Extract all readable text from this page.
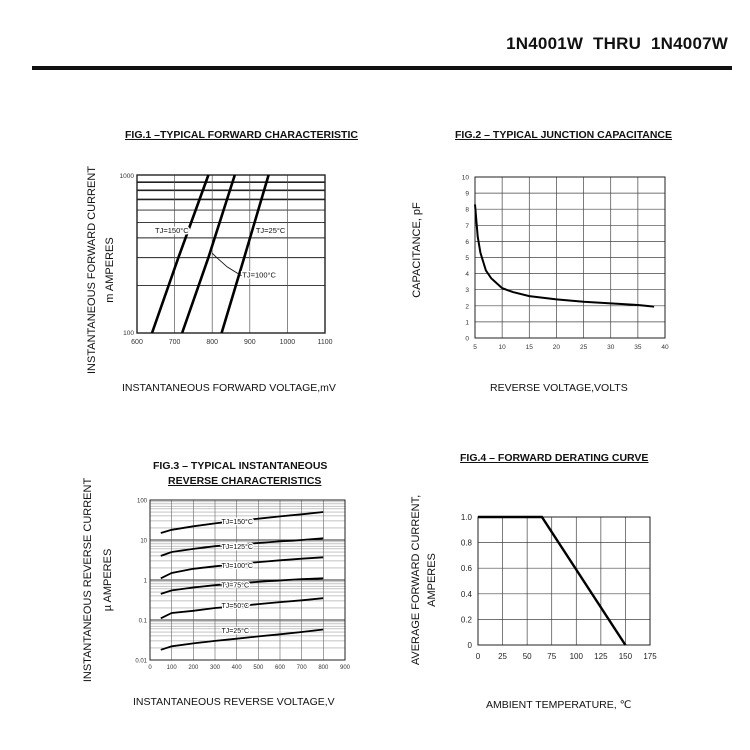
1N4001W THRU 1N4007W
FIG.1 –TYPICAL FORWARD CHARACTERISTIC
INSTANTANEOUS FORWARD CURRENT m AMPERES
INSTANTANEOUS FORWARD VOLTAGE,mV
600	700	800	900	1000	1100
1000
100
TJ=150°C	TJ=25°C
TJ=100°C
FIG.2 – TYPICAL JUNCTION CAPACITANCE
CAPACITANCE, pF
REVERSE VOLTAGE,VOLTS
0
1
2
3
4
5
6
7
8
9
10
5	10	15	20	25	30	35	40
FIG.3 – TYPICAL INSTANTANEOUS
REVERSE CHARACTERISTICS
INSTANTANEOUS REVERSE CURRENT µ AMPERES
INSTANTANEOUS REVERSE VOLTAGE,V
0.01
0.1
1
10
100
0 100 200 300 400 500 600 700 800 900
TJ=150°C
TJ=125°C
TJ=100°C
TJ=75°C
TJ=50°C
TJ=25°C
FIG.4 – FORWARD DERATING CURVE
AVERAGE FORWARD CURRENT, AMPERES
AMBIENT TEMPERATURE, ℃
0
0.2
0.4
0.6
0.8
1.0
0 25 50 75 100 125 150 175
